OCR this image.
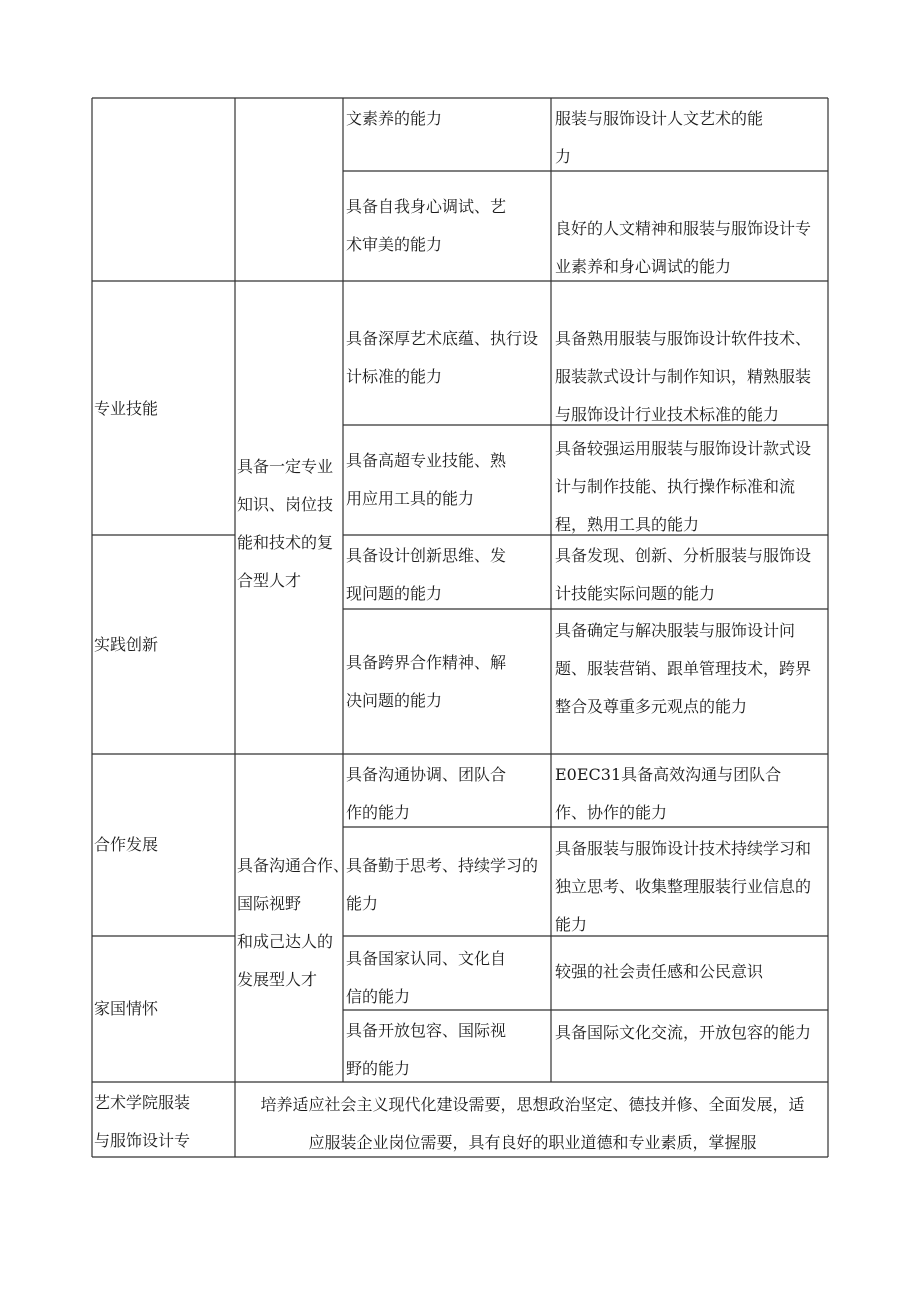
专业技能
实践创新
合作发展
家国情怀
艺术学院服装
与服饰设计专
具备一定专业
知识、岗位技
能和技术的复
合型人才
具备沟通合作、
国际视野
和成己达人的
发展型人才
文素养的能力
具备自我身心调试、艺
术审美的能力
具备深厚艺术底蕴、执行设
计标准的能力
具备高超专业技能、熟
用应用工具的能力
具备设计创新思维、发
现问题的能力
具备跨界合作精神、解
决问题的能力
具备沟通协调、团队合
作的能力
具备勤于思考、持续学习的
能力
具备国家认同、文化自
信的能力
具备开放包容、国际视
野的能力
服装与服饰设计人文艺术的能
力
良好的人文精神和服装与服饰设计专
业素养和身心调试的能力
具备熟用服装与服饰设计软件技术、
服装款式设计与制作知识，精熟服装
与服饰设计行业技术标准的能力
具备较强运用服装与服饰设计款式设
计与制作技能、执行操作标准和流
程，熟用工具的能力
具备发现、创新、分析服装与服饰设
计技能实际问题的能力
具备确定与解决服装与服饰设计问
题、服装营销、跟单管理技术，跨界
整合及尊重多元观点的能力
E0EC31具备高效沟通与团队合
作、协作的能力
具备服装与服饰设计技术持续学习和
独立思考、收集整理服装行业信息的
能力
较强的社会责任感和公民意识
具备国际文化交流，开放包容的能力
培养适应社会主义现代化建设需要，思想政治坚定、德技并修、全面发展，适
应服装企业岗位需要，具有良好的职业道德和专业素质，掌握服
